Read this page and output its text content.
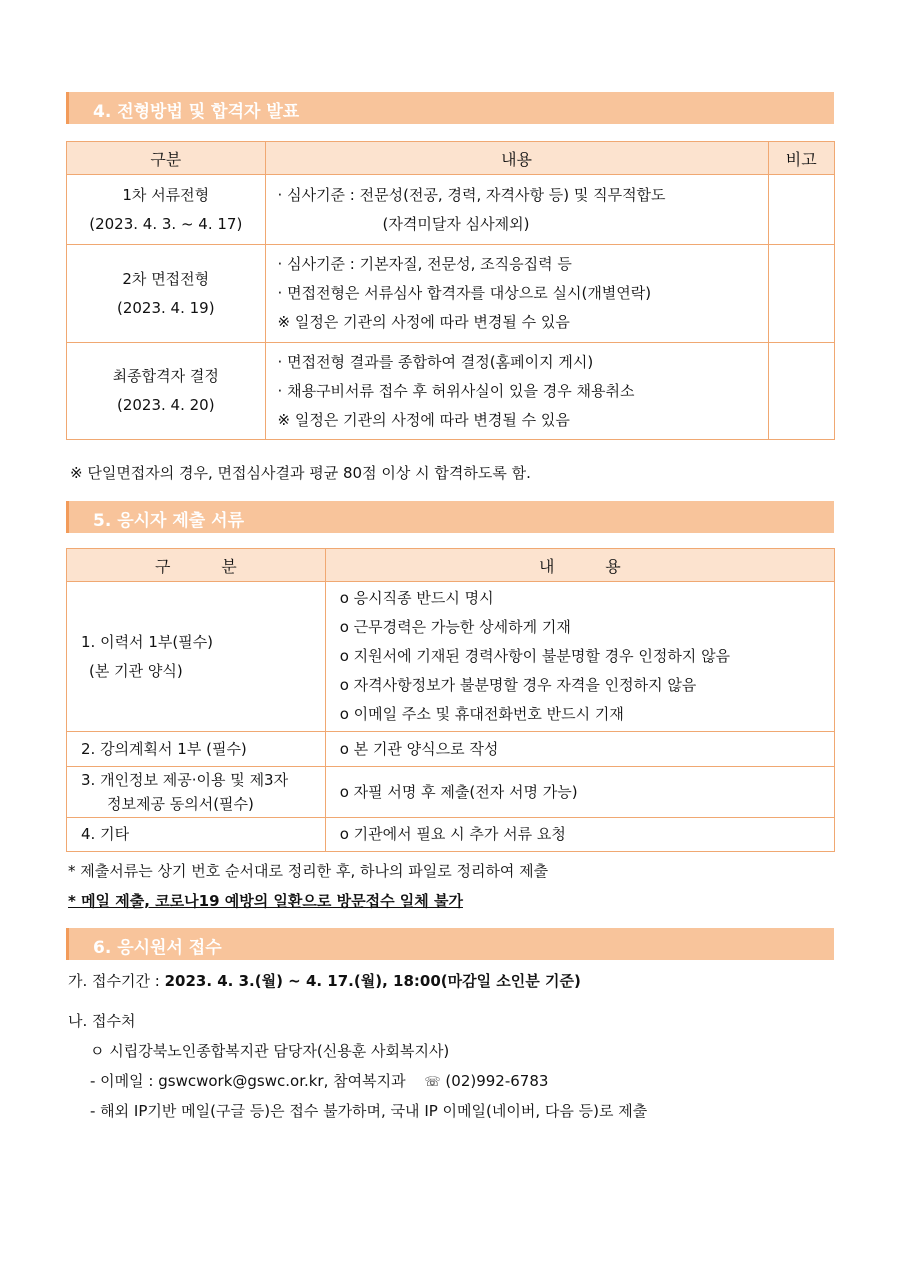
4. 전형방법 및 합격자 발표
구분	내용	비고

1차 서류전형
(2023. 4. 3. ~ 4. 17)	· 심사기준 : 전문성(전공, 경력, 자격사항 등) 및 직무적합도
(자격미달자 심사제외)	

2차 면접전형
(2023. 4. 19)	· 심사기준 : 기본자질, 전문성, 조직응집력 등
· 면접전형은 서류심사 합격자를 대상으로 실시(개별연락)
※ 일정은 기관의 사정에 따라 변경될 수 있음	

최종합격자 결정
(2023. 4. 20)	· 면접전형 결과를 종합하여 결정(홈페이지 게시)
· 채용구비서류 접수 후 허위사실이 있을 경우 채용취소
※ 일정은 기관의 사정에 따라 변경될 수 있음	

※ 단일면접자의 경우, 면접심사결과 평균 80점 이상 시 합격하도록 함.
5. 응시자 제출 서류
구          분	내          용

1. 이력서 1부(필수)
(본 기관 양식)	o 응시직종 반드시 명시
o 근무경력은 가능한 상세하게 기재
o 지원서에 기재된 경력사항이 불분명할 경우 인정하지 않음
o 자격사항정보가 불분명할 경우 자격을 인정하지 않음
o 이메일 주소 및 휴대전화번호 반드시 기재

2. 강의계획서 1부 (필수)	o 본 기관 양식으로 작성

3. 개인정보 제공·이용 및 제3자
정보제공 동의서(필수)	o 자필 서명 후 제출(전자 서명 가능)

4. 기타	o 기관에서 필요 시 추가 서류 요청
* 제출서류는 상기 번호 순서대로 정리한 후, 하나의 파일로 정리하여 제출
* 메일 제출, 코로나19 예방의 일환으로 방문접수 일체 불가
6. 응시원서 접수
가. 접수기간 : 2023. 4. 3.(월) ~ 4. 17.(월), 18:00(마감일 소인분 기준)
나. 접수처
ㅇ 시립강북노인종합복지관 담당자(신용훈 사회복지사)
- 이메일 : gswcwork@gswc.or.kr, 참여복지과 ☏ (02)992-6783
- 해외 IP기반 메일(구글 등)은 접수 불가하며, 국내 IP 이메일(네이버, 다음 등)로 제출
